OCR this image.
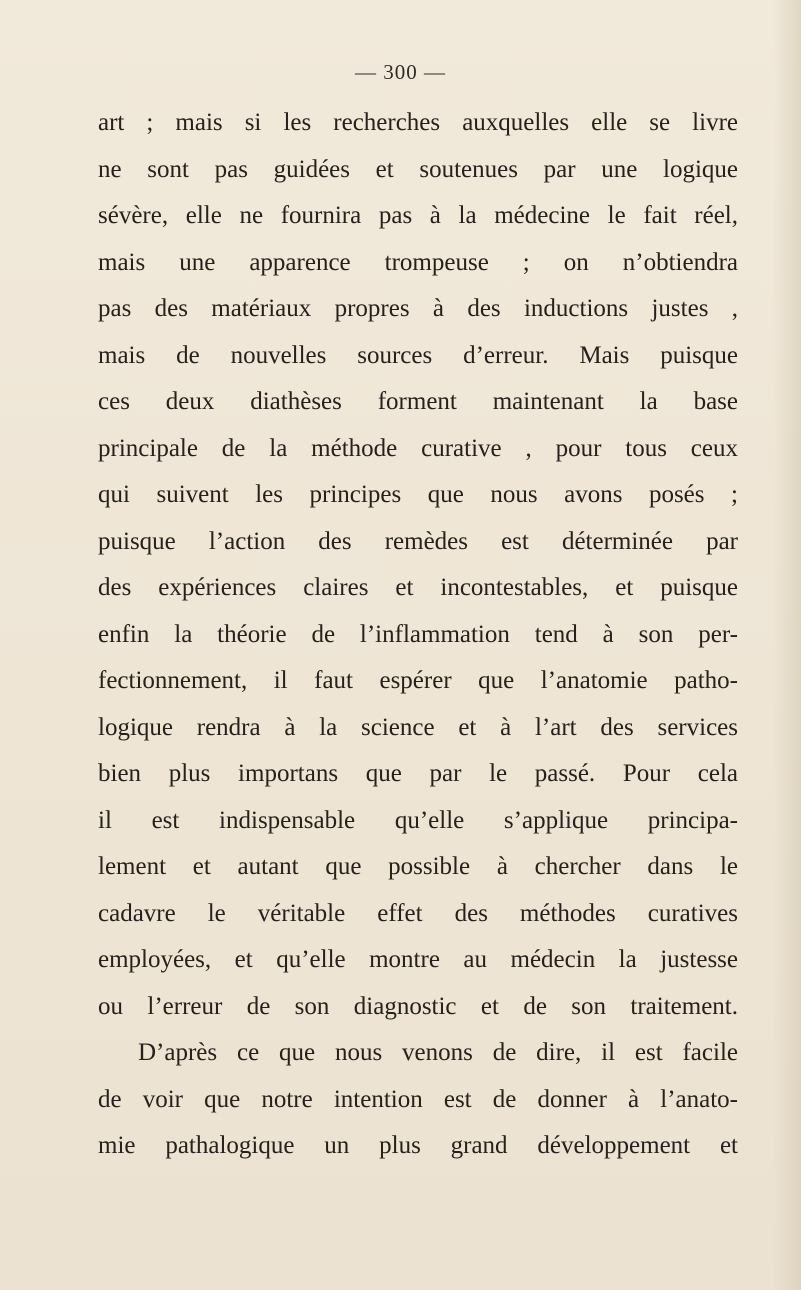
— 300 —
art ; mais si les recherches auxquelles elle se livre
ne sont pas guidées et soutenues par une logique
sévère, elle ne fournira pas à la médecine le fait réel,
mais une apparence trompeuse ; on n’obtiendra
pas des matériaux propres à des inductions justes ,
mais de nouvelles sources d’erreur. Mais puisque
ces deux diathèses forment maintenant la base
principale de la méthode curative , pour tous ceux
qui suivent les principes que nous avons posés ;
puisque l’action des remèdes est déterminée par
des expériences claires et incontestables, et puisque
enfin la théorie de l’inflammation tend à son per-
fectionnement, il faut espérer que l’anatomie patho-
logique rendra à la science et à l’art des services
bien plus importans que par le passé. Pour cela
il est indispensable qu’elle s’applique principa-
lement et autant que possible à chercher dans le
cadavre le véritable effet des méthodes curatives
employées, et qu’elle montre au médecin la justesse
ou l’erreur de son diagnostic et de son traitement.
D’après ce que nous venons de dire, il est facile
de voir que notre intention est de donner à l’anato-
mie pathalogique un plus grand développement et
